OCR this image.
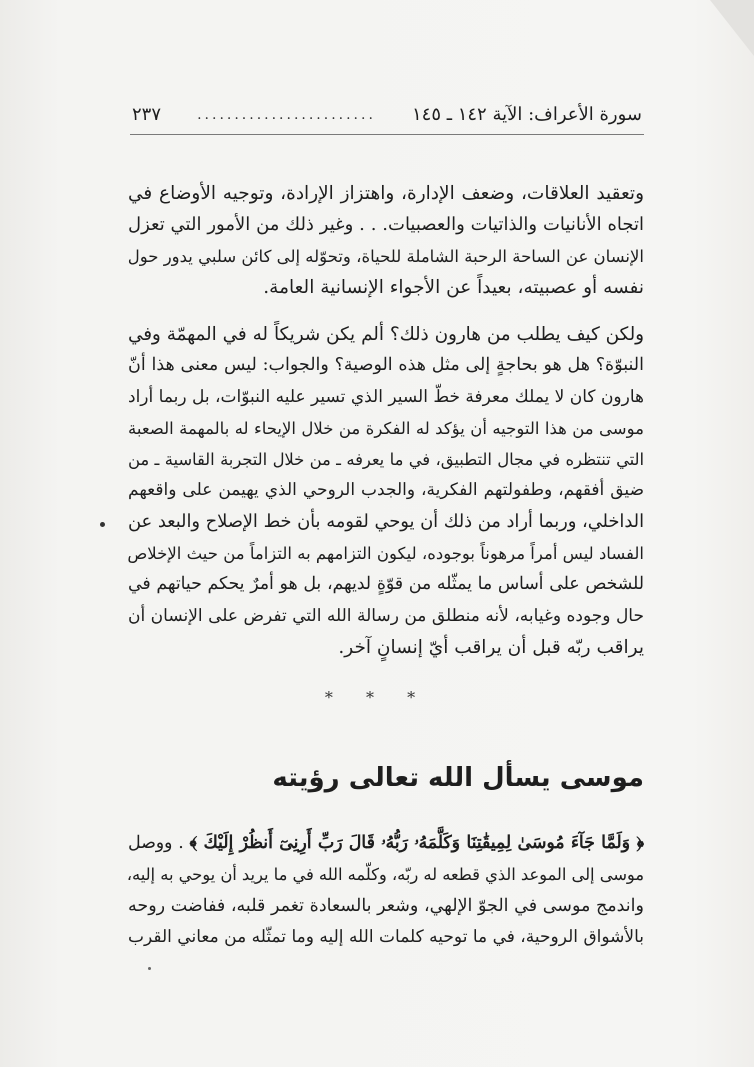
سورة الأعراف: الآية ١٤٢ ـ ١٤٥
........................
٢٣٧
وتعقيد العلاقات، وضعف الإدارة، واهتزاز الإرادة، وتوجيه الأوضاع في
اتجاه الأنانيات والذاتيات والعصبيات. . . وغير ذلك من الأمور التي تعزل
الإنسان عن الساحة الرحبة الشاملة للحياة، وتحوّله إلى كائن سلبي يدور حول
نفسه أو عصبيته، بعيداً عن الأجواء الإنسانية العامة.
ولكن كيف يطلب من هارون ذلك؟ ألم يكن شريكاً له في المهمّة وفي
النبوّة؟ هل هو بحاجةٍ إلى مثل هذه الوصية؟ والجواب: ليس معنى هذا أنّ
هارون كان لا يملك معرفة خطّ السير الذي تسير عليه النبوّات، بل ربما أراد
موسى من هذا التوجيه أن يؤكد له الفكرة من خلال الإيحاء له بالمهمة الصعبة
التي تنتظره في مجال التطبيق، في ما يعرفه ـ من خلال التجربة القاسية ـ من
ضيق أفقهم، وطفولتهم الفكرية، والجدب الروحي الذي يهيمن على واقعهم
الداخلي، وربما أراد من ذلك أن يوحي لقومه بأن خط الإصلاح والبعد عن
الفساد ليس أمراً مرهوناً بوجوده، ليكون التزامهم به التزاماً من حيث الإخلاص
للشخص على أساس ما يمثّله من قوّةٍ لديهم، بل هو أمرٌ يحكم حياتهم في
حال وجوده وغيابه، لأنه منطلق من رسالة الله التي تفرض على الإنسان أن
يراقب ربّه قبل أن يراقب أيّ إنسانٍ آخر.
* * *
موسى يسأل الله تعالى رؤيته
﴿ وَلَمَّا جَآءَ مُوسَىٰ لِمِيقَٰتِنَا وَكَلَّمَهُۥ رَبُّهُۥ قَالَ رَبِّ أَرِنِىٓ أَنظُرْ إِلَيْكَ ﴾ . ووصل
موسى إلى الموعد الذي قطعه له ربّه، وكلّمه الله في ما يريد أن يوحي به إليه،
واندمج موسى في الجوّ الإلهي، وشعر بالسعادة تغمر قلبه، ففاضت روحه
بالأشواق الروحية، في ما توحيه كلمات الله إليه وما تمثّله من معاني القرب
